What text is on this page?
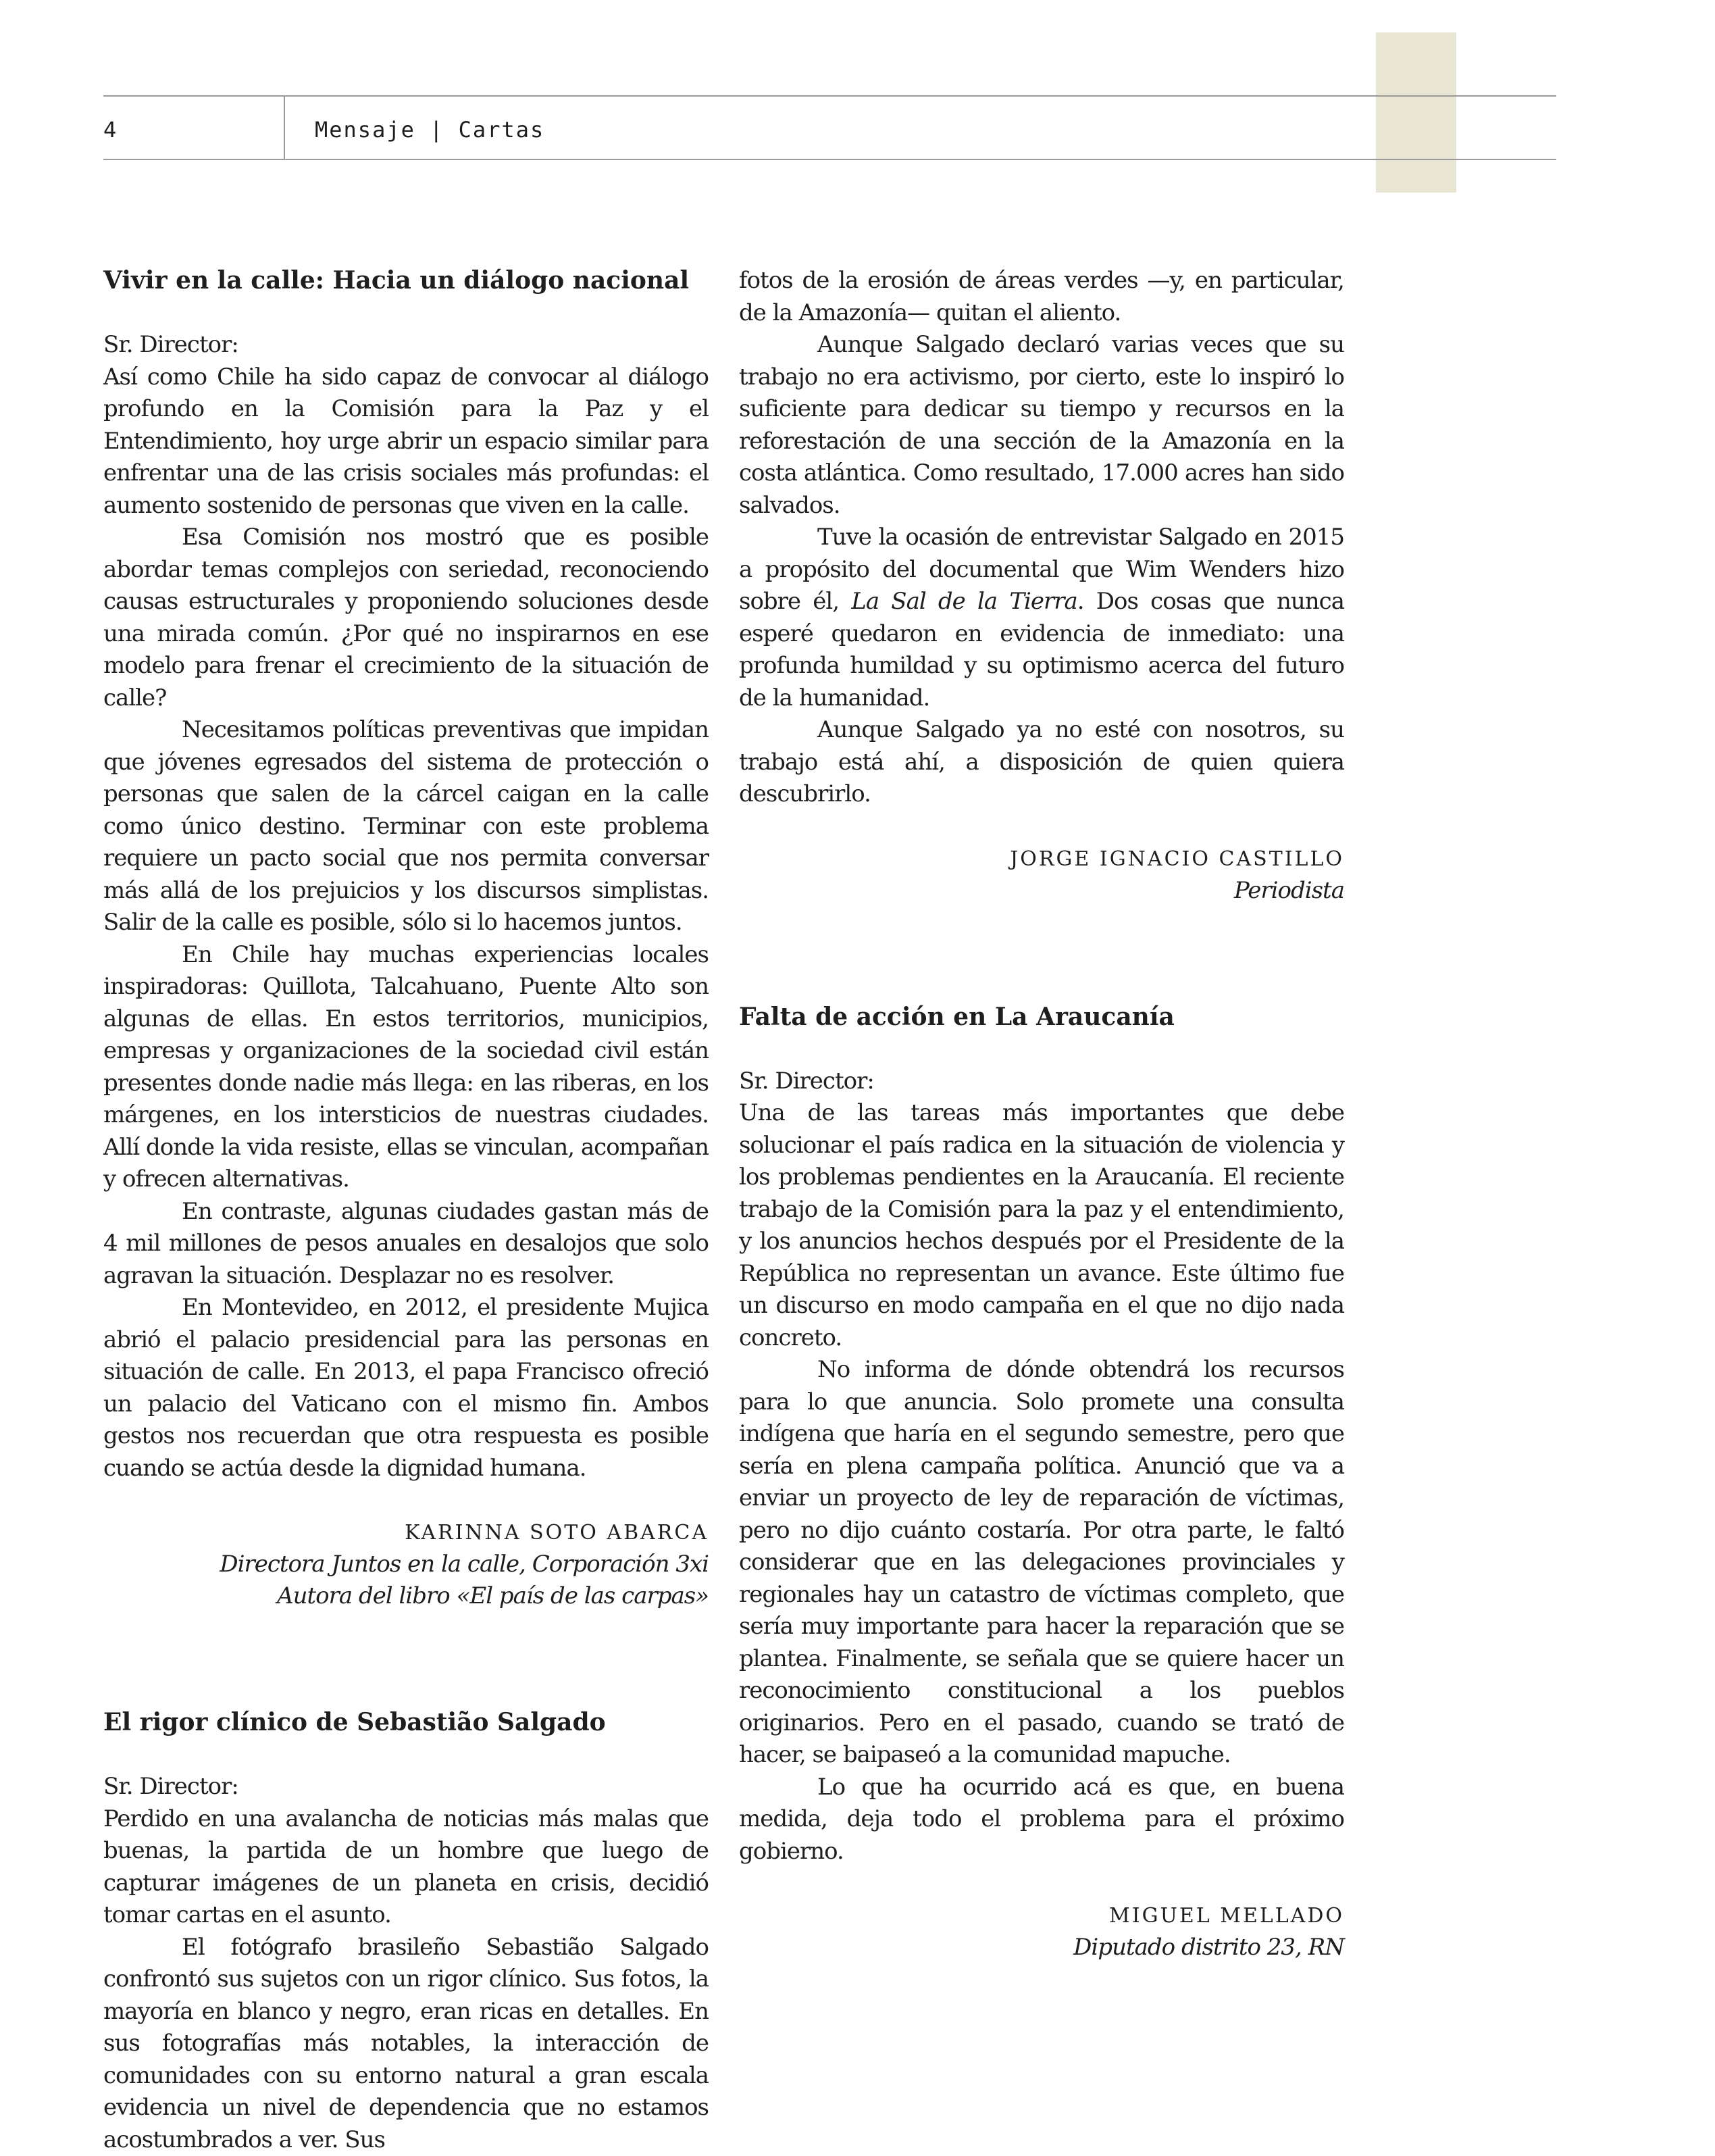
4	Mensaje | Cartas
Vivir en la calle: Hacia un diálogo nacional

Sr. Director:

Así como Chile ha sido capaz de convocar al diálogo profundo en la Comisión para la Paz y el Entendimiento, hoy urge abrir un espacio similar para enfrentar una de las crisis sociales más profundas: el aumento sostenido de personas que viven en la calle.

Esa Comisión nos mostró que es posible abordar temas complejos con seriedad, reconociendo causas estructurales y proponiendo soluciones desde una mirada común. ¿Por qué no inspirarnos en ese modelo para frenar el crecimiento de la situación de calle?

Necesitamos políticas preventivas que impidan que jóvenes egresados del sistema de protección o personas que salen de la cárcel caigan en la calle como único destino. Terminar con este problema requiere un pacto social que nos permita conversar más allá de los prejuicios y los discursos simplistas. Salir de la calle es posible, sólo si lo hacemos juntos.

En Chile hay muchas experiencias locales inspiradoras: Quillota, Talcahuano, Puente Alto son algunas de ellas. En estos territorios, municipios, empresas y organizaciones de la sociedad civil están presentes donde nadie más llega: en las riberas, en los márgenes, en los intersticios de nuestras ciudades. Allí donde la vida resiste, ellas se vinculan, acompañan y ofrecen alternativas.

En contraste, algunas ciudades gastan más de 4 mil millones de pesos anuales en desalojos que solo agravan la situación. Desplazar no es resolver.

En Montevideo, en 2012, el presidente Mujica abrió el palacio presidencial para las personas en situación de calle. En 2013, el papa Francisco ofreció un palacio del Vaticano con el mismo fin. Ambos gestos nos recuerdan que otra respuesta es posible cuando se actúa desde la dignidad humana.

KARINNA SOTO ABARCA
Directora Juntos en la calle, Corporación 3xi
Autora del libro «El país de las carpas»
El rigor clínico de Sebastião Salgado

Sr. Director:

Perdido en una avalancha de noticias más malas que buenas, la partida de un hombre que luego de capturar imágenes de un planeta en crisis, decidió tomar cartas en el asunto.

El fotógrafo brasileño Sebastião Salgado confrontó sus sujetos con un rigor clínico. Sus fotos, la mayoría en blanco y negro, eran ricas en detalles. En sus fotografías más notables, la interacción de comunidades con su entorno natural a gran escala evidencia un nivel de dependencia que no estamos acostumbrados a ver. Sus

fotos de la erosión de áreas verdes —y, en particular, de la Amazonía— quitan el aliento.

Aunque Salgado declaró varias veces que su trabajo no era activismo, por cierto, este lo inspiró lo suficiente para dedicar su tiempo y recursos en la reforestación de una sección de la Amazonía en la costa atlántica. Como resultado, 17.000 acres han sido salvados.

Tuve la ocasión de entrevistar Salgado en 2015 a propósito del documental que Wim Wenders hizo sobre él, La Sal de la Tierra. Dos cosas que nunca esperé quedaron en evidencia de inmediato: una profunda humildad y su optimismo acerca del futuro de la humanidad.

Aunque Salgado ya no esté con nosotros, su trabajo está ahí, a disposición de quien quiera descubrirlo.

JORGE IGNACIO CASTILLO
Periodista
Falta de acción en La Araucanía

Sr. Director:

Una de las tareas más importantes que debe solucionar el país radica en la situación de violencia y los problemas pendientes en la Araucanía. El reciente trabajo de la Comisión para la paz y el entendimiento, y los anuncios hechos después por el Presidente de la República no representan un avance. Este último fue un discurso en modo campaña en el que no dijo nada concreto.

No informa de dónde obtendrá los recursos para lo que anuncia. Solo promete una consulta indígena que haría en el segundo semestre, pero que sería en plena campaña política. Anunció que va a enviar un proyecto de ley de reparación de víctimas, pero no dijo cuánto costaría. Por otra parte, le faltó considerar que en las delegaciones provinciales y regionales hay un catastro de víctimas completo, que sería muy importante para hacer la reparación que se plantea. Finalmente, se señala que se quiere hacer un reconocimiento constitucional a los pueblos originarios. Pero en el pasado, cuando se trató de hacer, se baipaseó a la comunidad mapuche.

Lo que ha ocurrido acá es que, en buena medida, deja todo el problema para el próximo gobierno.

MIGUEL MELLADO
Diputado distrito 23, RN
